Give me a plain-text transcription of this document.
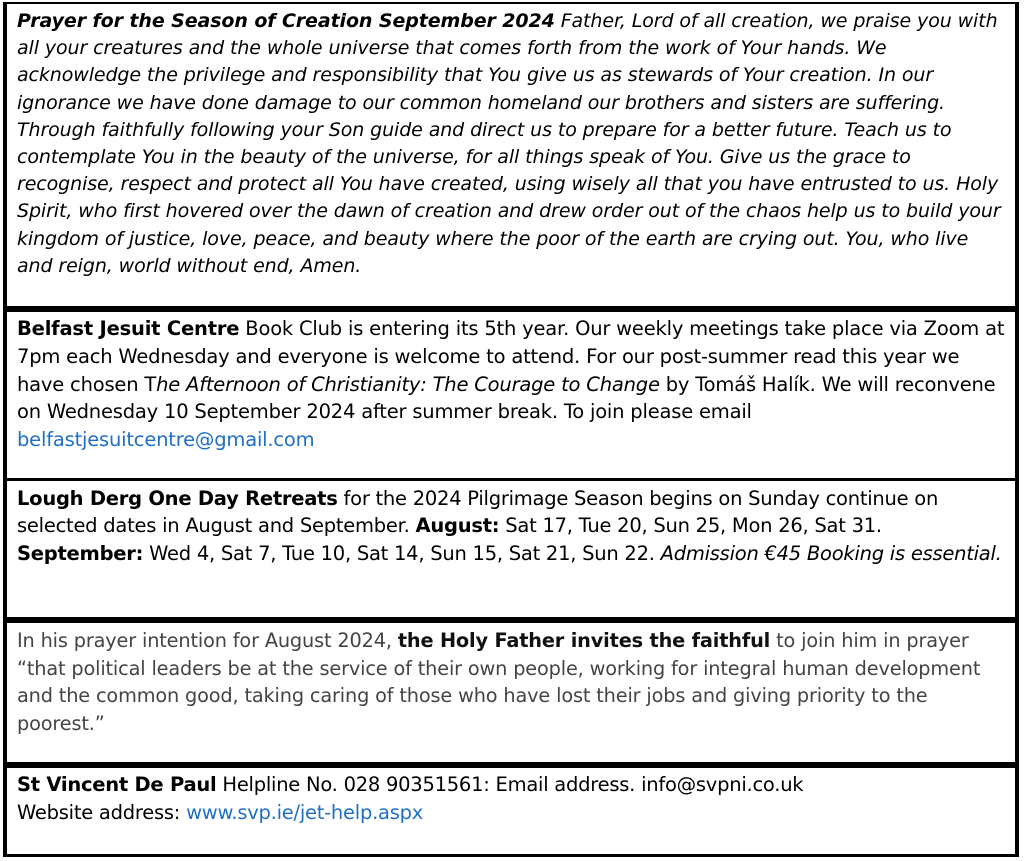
Prayer for the Season of Creation September 2024 Father, Lord of all creation, we praise you with all your creatures and the whole universe that comes forth from the work of Your hands. We acknowledge the privilege and responsibility that You give us as stewards of Your creation. In our ignorance we have done damage to our common homeland our brothers and sisters are suffering. Through faithfully following your Son guide and direct us to prepare for a better future. Teach us to contemplate You in the beauty of the universe, for all things speak of You. Give us the grace to recognise, respect and protect all You have created, using wisely all that you have entrusted to us. Holy Spirit, who first hovered over the dawn of creation and drew order out of the chaos help us to build your kingdom of justice, love, peace, and beauty where the poor of the earth are crying out. You, who live and reign, world without end, Amen.
Belfast Jesuit Centre Book Club is entering its 5th year. Our weekly meetings take place via Zoom at 7pm each Wednesday and everyone is welcome to attend. For our post-summer read this year we have chosen The Afternoon of Christianity: The Courage to Change by Tomáš Halík. We will reconvene on Wednesday 10 September 2024 after summer break. To join please email belfastjesuitcentre@gmail.com
Lough Derg One Day Retreats for the 2024 Pilgrimage Season begins on Sunday continue on selected dates in August and September. August: Sat 17, Tue 20, Sun 25, Mon 26, Sat 31. September: Wed 4, Sat 7, Tue 10, Sat 14, Sun 15, Sat 21, Sun 22. Admission €45 Booking is essential.
In his prayer intention for August 2024, the Holy Father invites the faithful to join him in prayer “that political leaders be at the service of their own people, working for integral human development and the common good, taking caring of those who have lost their jobs and giving priority to the poorest.”
St Vincent De Paul Helpline No. 028 90351561: Email address. info@svpni.co.uk
Website address: www.svp.ie/jet-help.aspx
